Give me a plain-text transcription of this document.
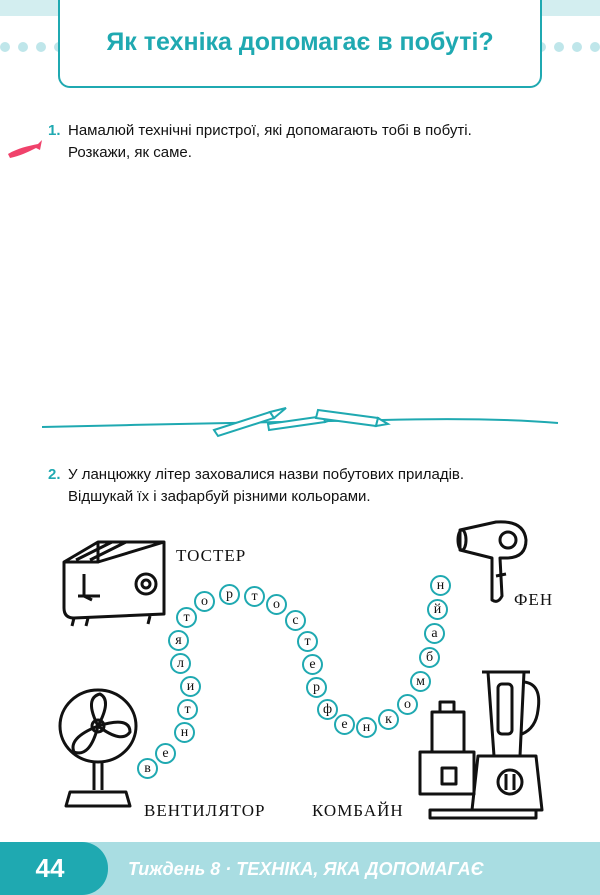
Як техніка допомагає в побуті?
1. Намалюй технічні пристрої, які допомагають тобі в побуті.
Розкажи, як саме.
2. У ланцюжку літер заховалися назви побутових приладів.
Відшукай їх і зафарбуй різними кольорами.
ТОСТЕР
ФЕН
ВЕНТИЛЯТОР	КОМБАЙН
в
е
н
т
и
л
я
т
о	р	т
о
с
т
е
р
ф
е	н
к
о
м
б
а
й
н
44	Тиждень 8 · ТЕХНІКА, ЯКА ДОПОМАГАЄ
